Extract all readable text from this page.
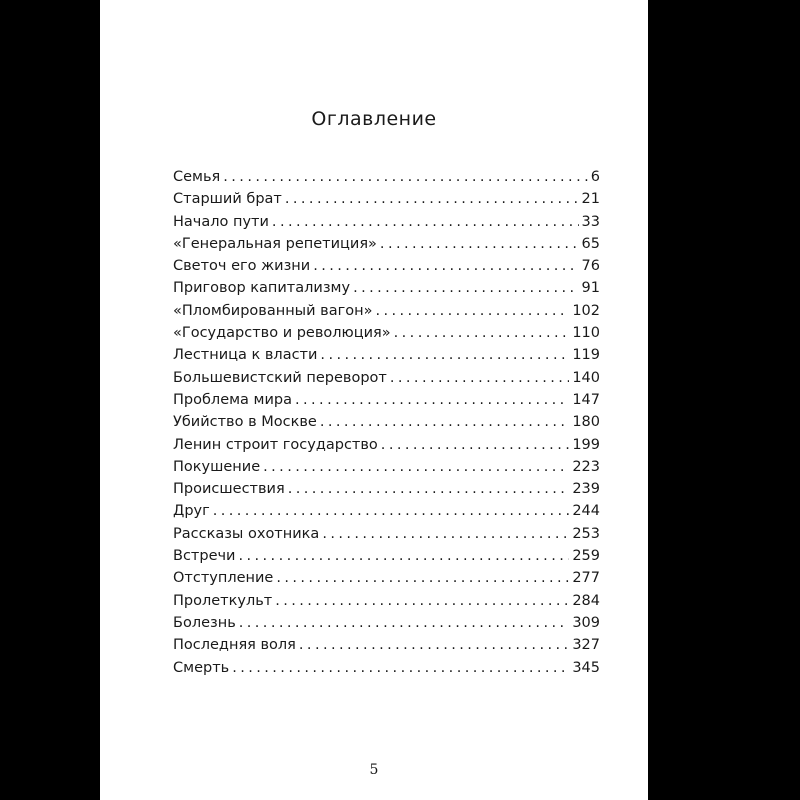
Оглавление
Семья . . .	6
Старший брат . . .	21
Начало пути . . .	33
«Генеральная репетиция» . . .	65
Светоч его жизни . . .	76
Приговор капитализму . . .	91
«Пломбированный вагон» . . .	102
«Государство и революция» . . .	110
Лестница к власти . . .	119
Большевистский переворот . . .	140
Проблема мира . . .	147
Убийство в Москве . . .	180
Ленин строит государство . . .	199
Покушение . . .	223
Происшествия . . .	239
Друг . . .	244
Рассказы охотника . . .	253
Встречи . . .	259
Отступление . . .	277
Пролеткульт . . .	284
Болезнь . . .	309
Последняя воля . . .	327
Смерть . . .	345
5
